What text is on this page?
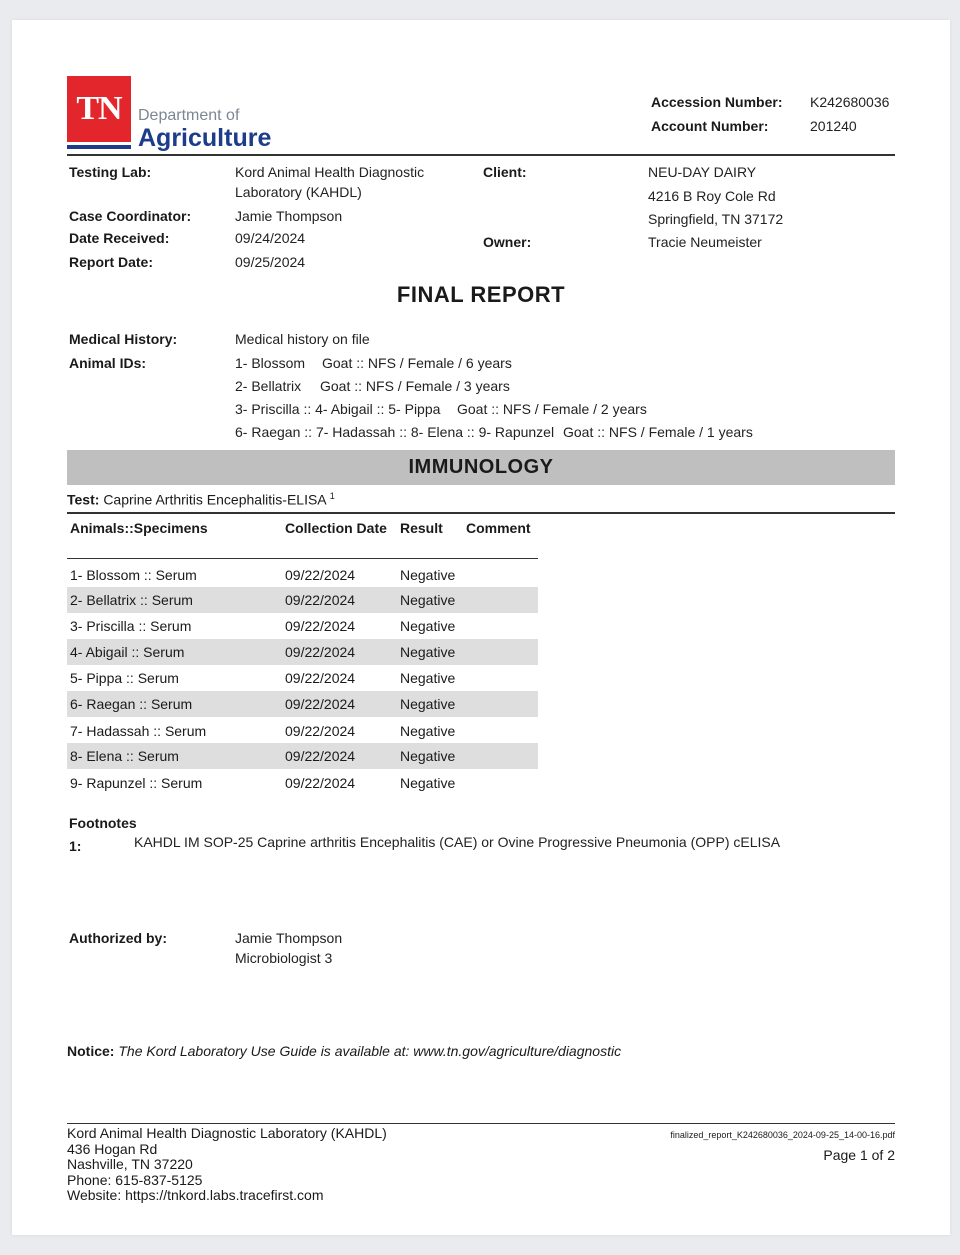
TN Department of
Agriculture
Accession Number: K242680036
Account Number:	201240
Testing Lab:	Kord Animal Health Diagnostic
Laboratory (KAHDL)
Case Coordinator:	Jamie Thompson
Date Received:	09/24/2024
Report Date:	09/25/2024
Client:	NEU-DAY DAIRY
4216 B Roy Cole Rd
Springfield, TN 37172
Owner:	Tracie Neumeister
FINAL REPORT
Medical History:	Medical history on file
Animal IDs:	1- Blossom Goat :: NFS / Female / 6 years
2- Bellatrix Goat :: NFS / Female / 3 years
3- Priscilla :: 4- Abigail :: 5- Pippa Goat :: NFS / Female / 2 years
6- Raegan :: 7- Hadassah :: 8- Elena :: 9- Rapunzel Goat :: NFS / Female / 1 years
IMMUNOLOGY
Test: Caprine Arthritis Encephalitis-ELISA $^1$
Animals::Specimens	Collection Date Result Comment
1- Blossom :: Serum	09/22/2024	Negative
2- Bellatrix :: Serum	09/22/2024	Negative
3- Priscilla :: Serum	09/22/2024	Negative
4- Abigail :: Serum	09/22/2024	Negative
5- Pippa :: Serum	09/22/2024	Negative
6- Raegan :: Serum	09/22/2024	Negative
7- Hadassah :: Serum	09/22/2024	Negative
8- Elena :: Serum	09/22/2024	Negative
9- Rapunzel :: Serum	09/22/2024	Negative
Footnotes
1:	KAHDL IM SOP-25 Caprine arthritis Encephalitis (CAE) or Ovine Progressive Pneumonia (OPP) cELISA
Authorized by:	Jamie Thompson
Microbiologist 3
Notice: The Kord Laboratory Use Guide is available at: www.tn.gov/agriculture/diagnostic
Kord Animal Health Diagnostic Laboratory (KAHDL)
436 Hogan Rd
Nashville, TN 37220
Phone: 615-837-5125
Website: https://tnkord.labs.tracefirst.com
finalized_report_K242680036_2024-09-25_14-00-16.pdf
Page 1 of 2
